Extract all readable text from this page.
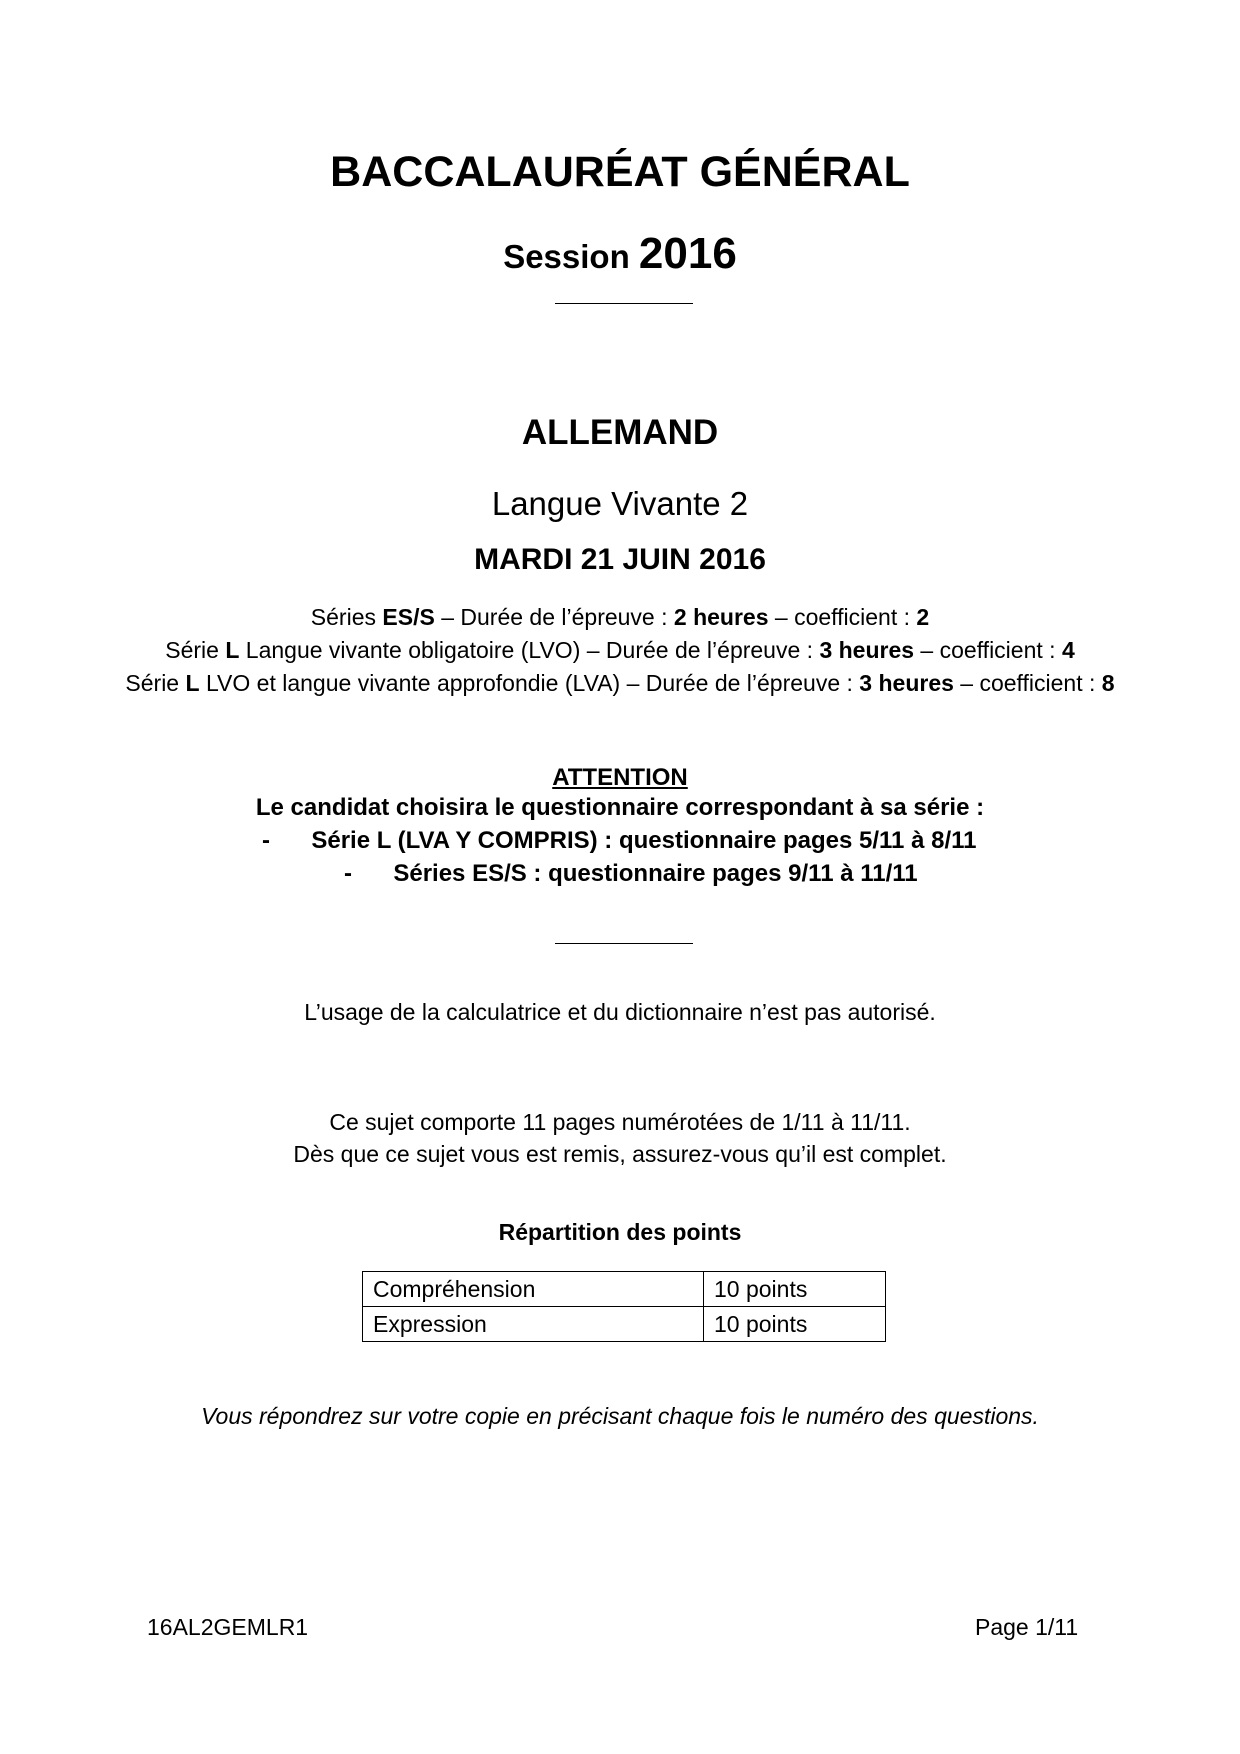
BACCALAURÉAT GÉNÉRAL
Session 2016
ALLEMAND
Langue Vivante 2
MARDI 21 JUIN 2016
Séries ES/S – Durée de l’épreuve : 2 heures – coefficient : 2
Série L Langue vivante obligatoire (LVO) – Durée de l’épreuve : 3 heures – coefficient : 4
Série L LVO et langue vivante approfondie (LVA) – Durée de l’épreuve : 3 heures – coefficient : 8
ATTENTION
Le candidat choisira le questionnaire correspondant à sa série :
- Série L (LVA Y COMPRIS) : questionnaire pages 5/11 à 8/11
- Séries ES/S : questionnaire pages 9/11 à 11/11
L’usage de la calculatrice et du dictionnaire n’est pas autorisé.
Ce sujet comporte 11 pages numérotées de 1/11 à 11/11.
Dès que ce sujet vous est remis, assurez-vous qu’il est complet.
Répartition des points
Compréhension	10 points
Expression	10 points
Vous répondrez sur votre copie en précisant chaque fois le numéro des questions.
16AL2GEMLR1	Page 1/11
